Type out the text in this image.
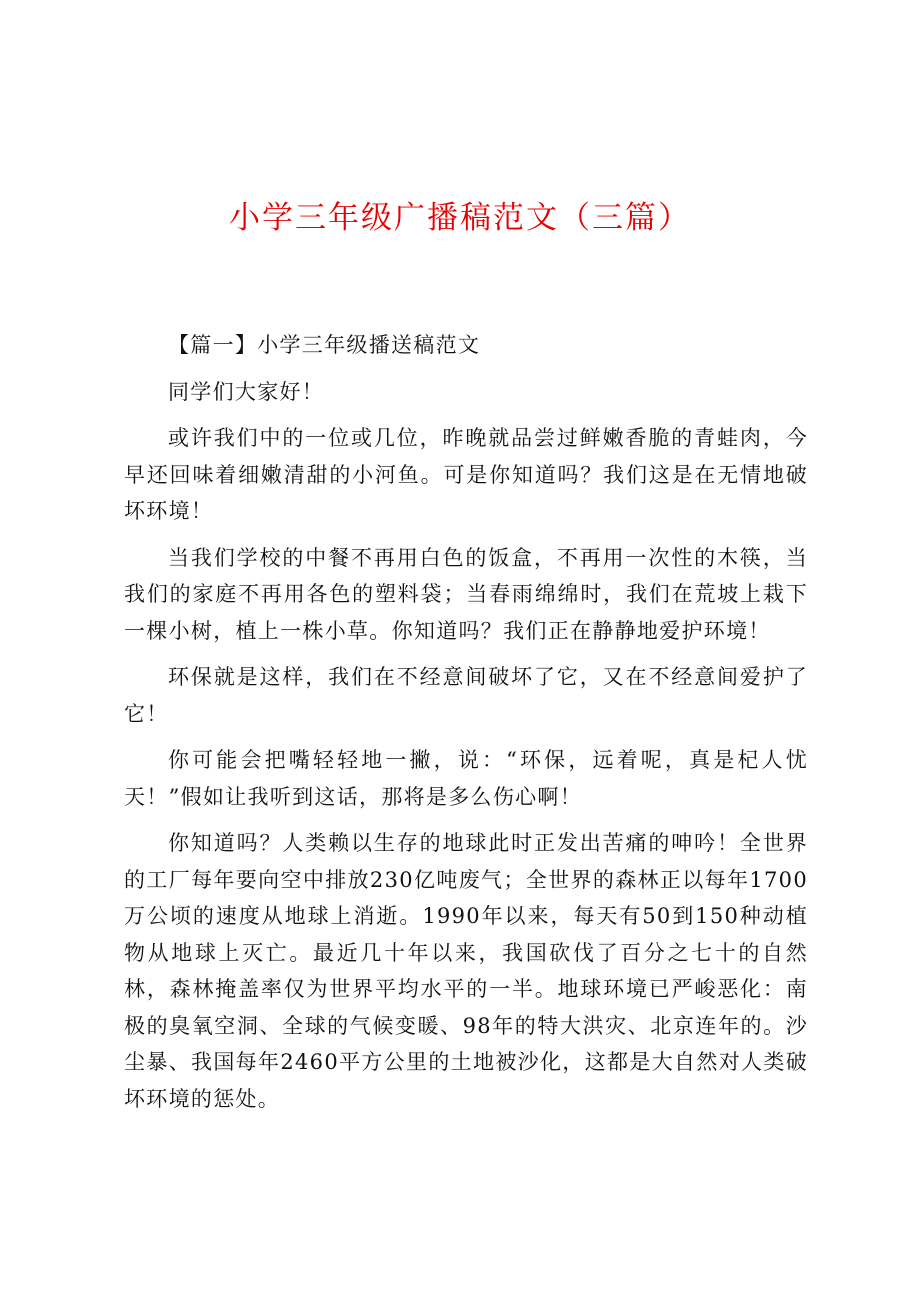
小学三年级广播稿范文（三篇）

【篇一】小学三年级播送稿范文

同学们大家好！

或许我们中的一位或几位，昨晚就品尝过鲜嫩香脆的青蛙肉，今早还回味着细嫩清甜的小河鱼。可是你知道吗？我们这是在无情地破坏环境！

当我们学校的中餐不再用白色的饭盒，不再用一次性的木筷，当我们的家庭不再用各色的塑料袋；当春雨绵绵时，我们在荒坡上栽下一棵小树，植上一株小草。你知道吗？我们正在静静地爱护环境！

环保就是这样，我们在不经意间破坏了它，又在不经意间爱护了它！

你可能会把嘴轻轻地一撇，说：“环保，远着呢，真是杞人忧天！”假如让我听到这话，那将是多么伤心啊！

你知道吗？人类赖以生存的地球此时正发出苦痛的呻吟！全世界的工厂每年要向空中排放230亿吨废气；全世界的森林正以每年1700万公顷的速度从地球上消逝。1990年以来，每天有50到150种动植物从地球上灭亡。最近几十年以来，我国砍伐了百分之七十的自然林，森林掩盖率仅为世界平均水平的一半。地球环境已严峻恶化：南极的臭氧空洞、全球的气候变暖、98年的特大洪灾、北京连年的。沙尘暴、我国每年2460平方公里的土地被沙化，这都是大自然对人类破坏环境的惩处。
